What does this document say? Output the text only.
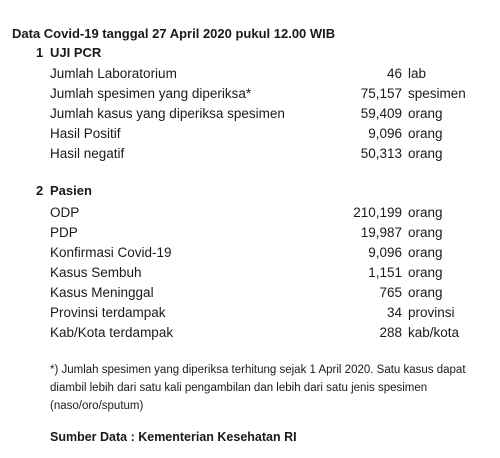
Data Covid-19 tanggal 27 April 2020 pukul 12.00 WIB
1 UJI PCR
Jumlah Laboratorium	46 lab
Jumlah spesimen yang diperiksa*	75,157 spesimen
Jumlah kasus yang diperiksa spesimen	59,409 orang
Hasil Positif	9,096 orang
Hasil negatif	50,313 orang
2 Pasien
ODP	210,199 orang
PDP	19,987 orang
Konfirmasi Covid-19	9,096 orang
Kasus Sembuh	1,151 orang
Kasus Meninggal	765 orang
Provinsi terdampak	34 provinsi
Kab/Kota terdampak	288 kab/kota
*) Jumlah spesimen yang diperiksa terhitung sejak 1 April 2020. Satu kasus dapat diambil lebih dari satu kali pengambilan dan lebih dari satu jenis spesimen (naso/oro/sputum)
Sumber Data : Kementerian Kesehatan RI
